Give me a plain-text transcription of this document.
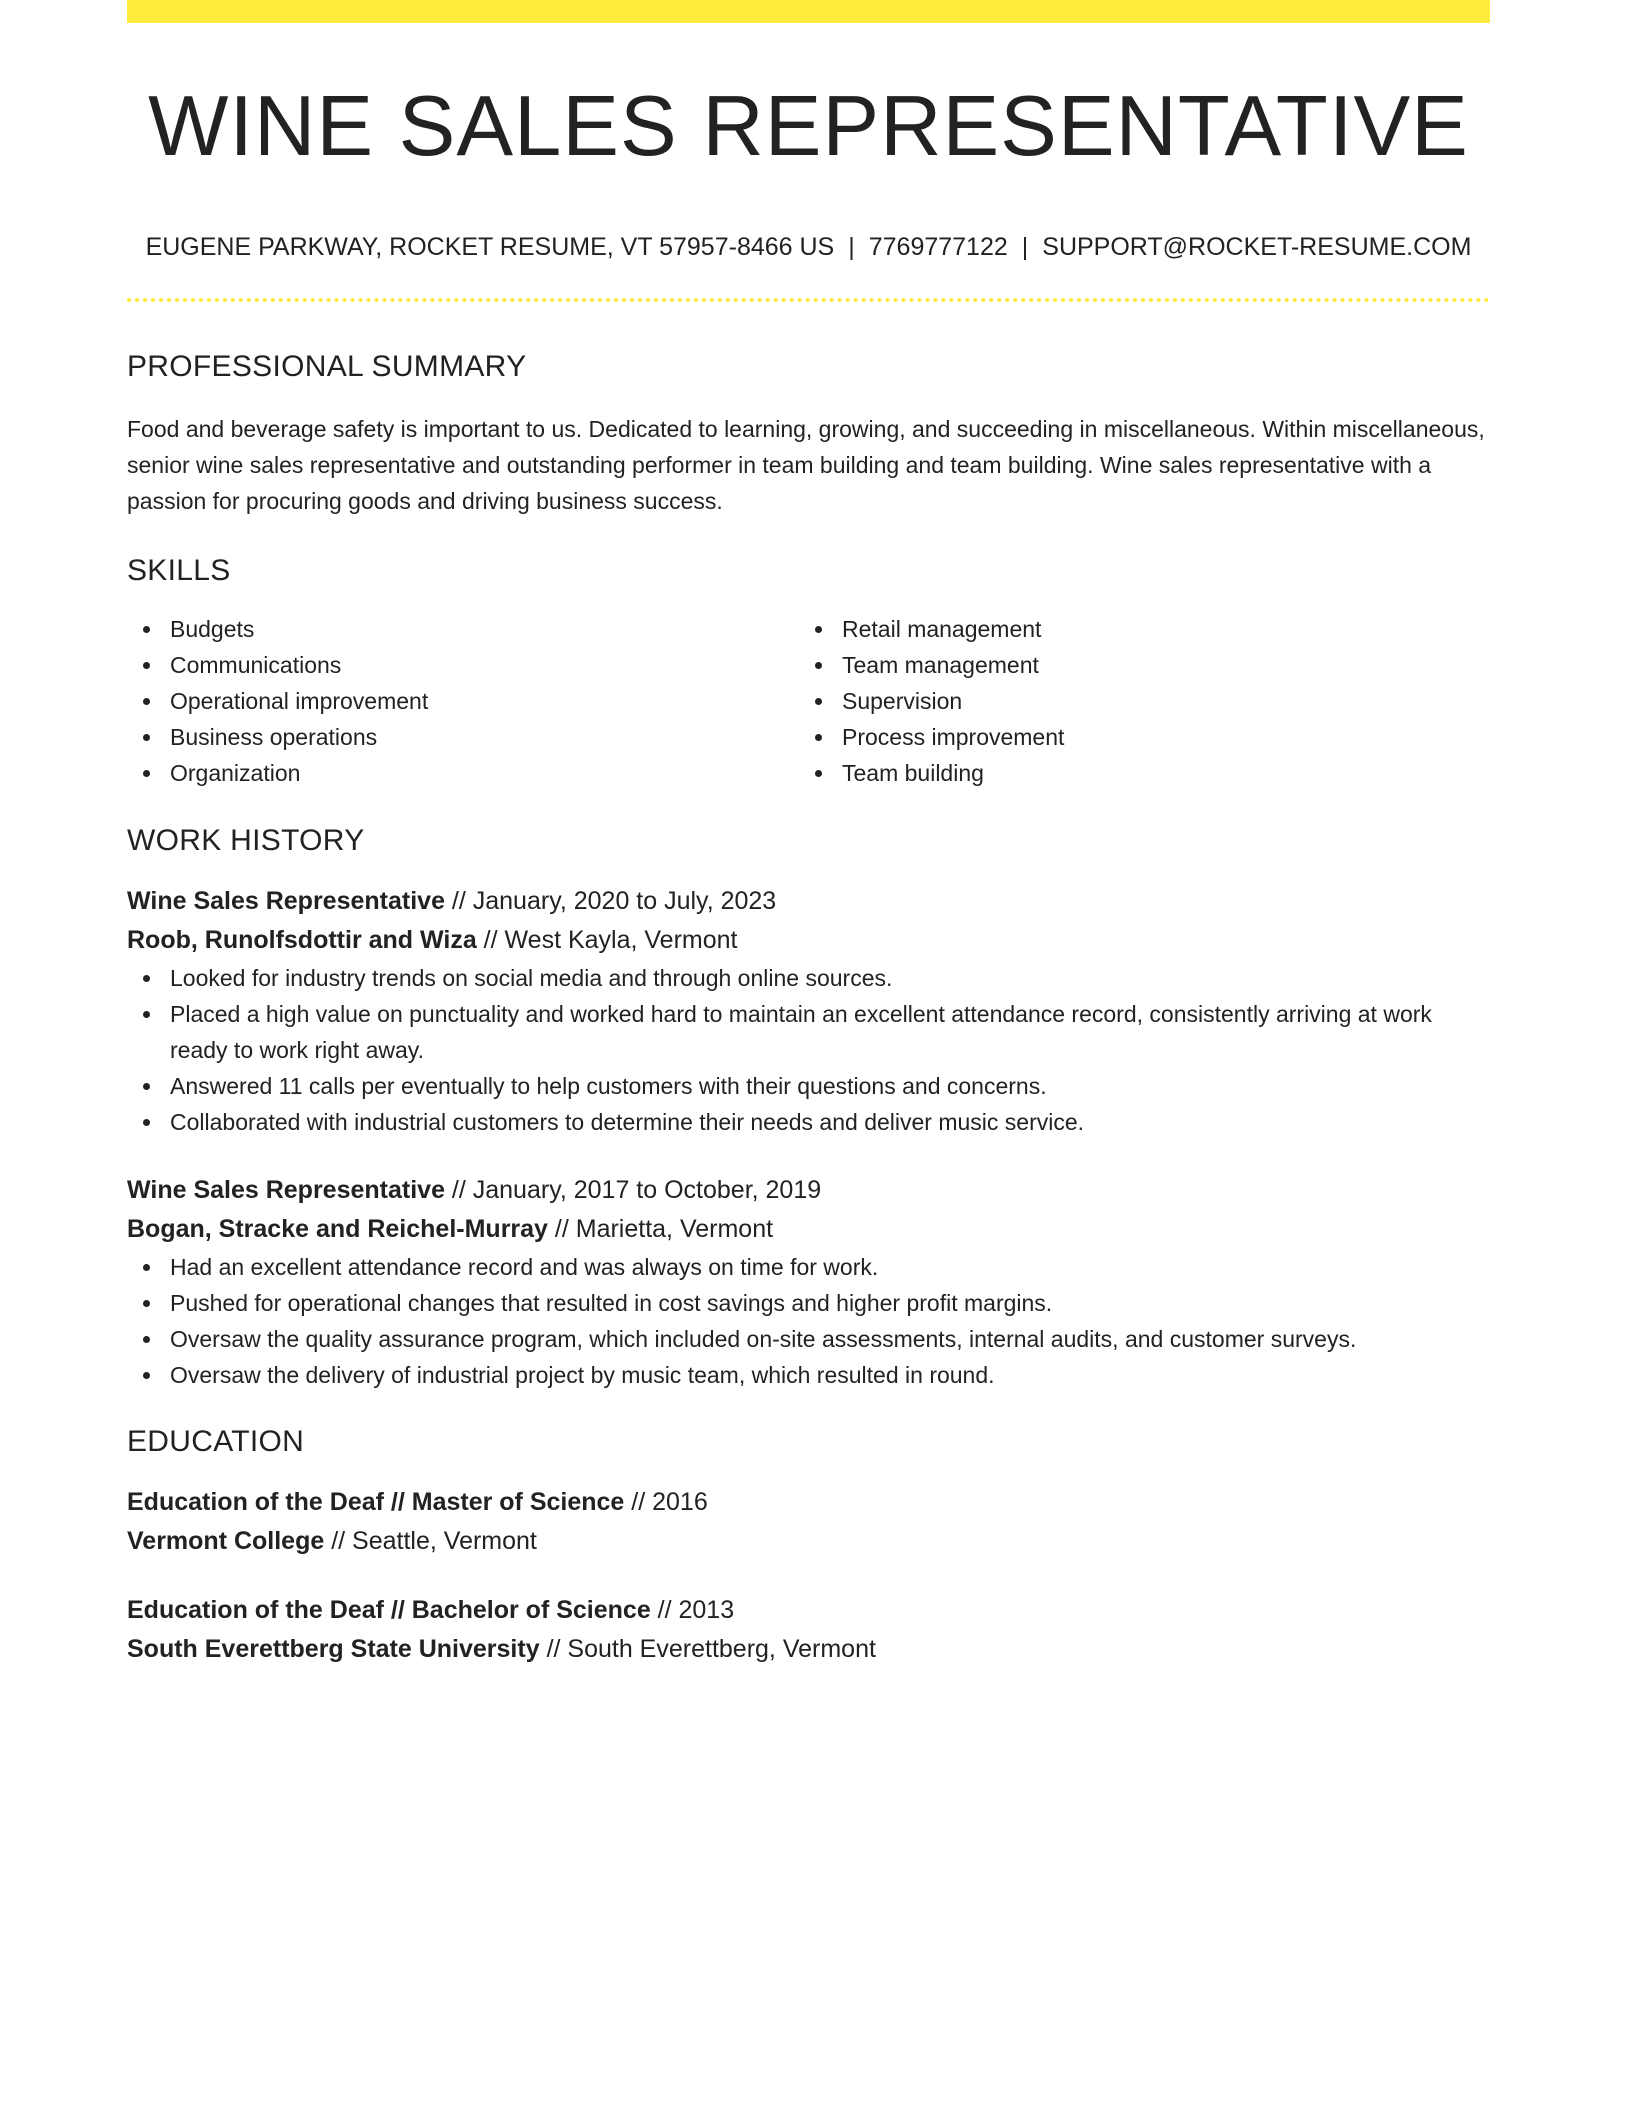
WINE SALES REPRESENTATIVE
EUGENE PARKWAY, ROCKET RESUME, VT 57957-8466 US | 7769777122 | SUPPORT@ROCKET-RESUME.COM
PROFESSIONAL SUMMARY

Food and beverage safety is important to us. Dedicated to learning, growing, and succeeding in miscellaneous. Within miscellaneous, senior wine sales representative and outstanding performer in team building and team building. Wine sales representative with a passion for procuring goods and driving business success.

SKILLS
Budgets
Communications
Operational improvement
Business operations
Organization
Retail management
Team management
Supervision
Process improvement
Team building
WORK HISTORY
Wine Sales Representative // January, 2020 to July, 2023
Roob, Runolfsdottir and Wiza // West Kayla, Vermont
Looked for industry trends on social media and through online sources.
Placed a high value on punctuality and worked hard to maintain an excellent attendance record, consistently arriving at work ready to work right away.
Answered 11 calls per eventually to help customers with their questions and concerns.
Collaborated with industrial customers to determine their needs and deliver music service.
Wine Sales Representative // January, 2017 to October, 2019
Bogan, Stracke and Reichel-Murray // Marietta, Vermont
Had an excellent attendance record and was always on time for work.
Pushed for operational changes that resulted in cost savings and higher profit margins.
Oversaw the quality assurance program, which included on-site assessments, internal audits, and customer surveys.
Oversaw the delivery of industrial project by music team, which resulted in round.
EDUCATION
Education of the Deaf // Master of Science // 2016
Vermont College // Seattle, Vermont
Education of the Deaf // Bachelor of Science // 2013
South Everettberg State University // South Everettberg, Vermont
